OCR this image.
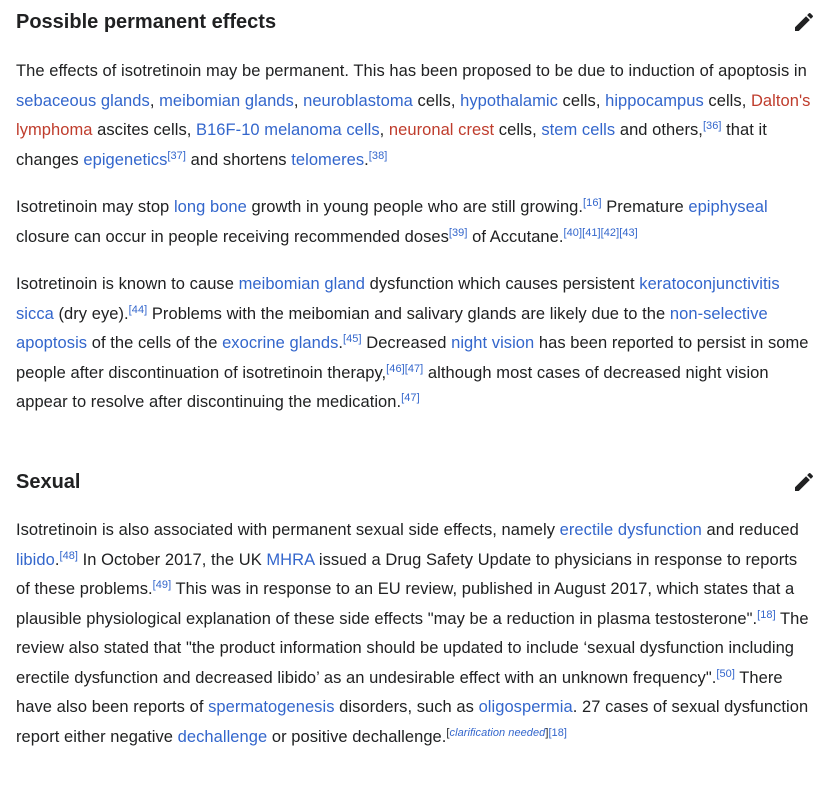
Possible permanent effects

The effects of isotretinoin may be permanent. This has been proposed to be due to induction of apoptosis in sebaceous glands, meibomian glands, neuroblastoma cells, hypothalamic cells, hippocampus cells, Dalton's lymphoma ascites cells, B16F-10 melanoma cells, neuronal crest cells, stem cells and others,[36] that it changes epigenetics[37] and shortens telomeres.[38]

Isotretinoin may stop long bone growth in young people who are still growing.[16] Premature epiphyseal closure can occur in people receiving recommended doses[39] of Accutane.[40][41][42][43]

Isotretinoin is known to cause meibomian gland dysfunction which causes persistent keratoconjunctivitis sicca (dry eye).[44] Problems with the meibomian and salivary glands are likely due to the non-selective apoptosis of the cells of the exocrine glands.[45] Decreased night vision has been reported to persist in some people after discontinuation of isotretinoin therapy,[46][47] although most cases of decreased night vision appear to resolve after discontinuing the medication.[47]

Sexual

Isotretinoin is also associated with permanent sexual side effects, namely erectile dysfunction and reduced libido.[48] In October 2017, the UK MHRA issued a Drug Safety Update to physicians in response to reports of these problems.[49] This was in response to an EU review, published in August 2017, which states that a plausible physiological explanation of these side effects "may be a reduction in plasma testosterone".[18] The review also stated that "the product information should be updated to include ‘sexual dysfunction including erectile dysfunction and decreased libido’ as an undesirable effect with an unknown frequency".[50] There have also been reports of spermatogenesis disorders, such as oligospermia. 27 cases of sexual dysfunction report either negative dechallenge or positive dechallenge.[clarification needed][18]
